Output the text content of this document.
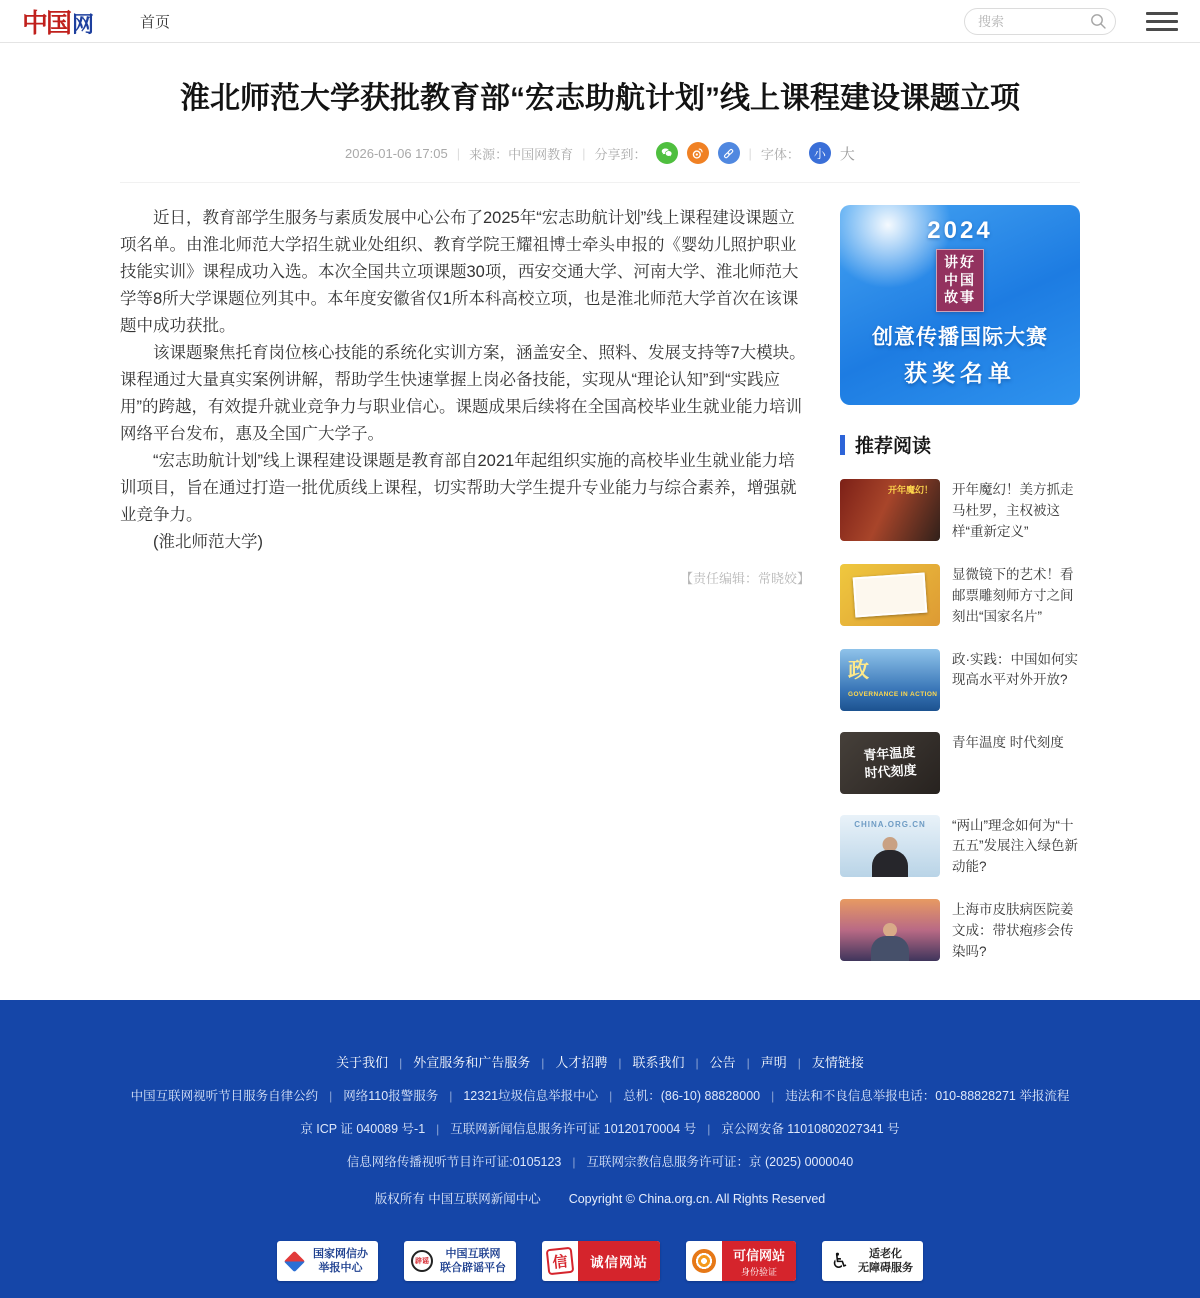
中国 网	首页
搜索
淮北师范大学获批教育部“宏志助航计划”线上课程建设课题立项
2026-01-06 17:05 | 来源：中国网教育 | 分享到：	| 字体：	小 大

近日，教育部学生服务与素质发展中心公布了2025年“宏志助航计划”线上课程建设课题立项名单。由淮北师范大学招生就业处组织、教育学院王耀祖博士牵头申报的《婴幼儿照护职业技能实训》课程成功入选。本次全国共立项课题30项，西安交通大学、河南大学、淮北师范大学等8所大学课题位列其中。本年度安徽省仅1所本科高校立项，也是淮北师范大学首次在该课题中成功获批。

该课题聚焦托育岗位核心技能的系统化实训方案，涵盖安全、照料、发展支持等7大模块。课程通过大量真实案例讲解，帮助学生快速掌握上岗必备技能，实现从“理论认知”到“实践应用”的跨越，有效提升就业竞争力与职业信心。课题成果后续将在全国高校毕业生就业能力培训网络平台发布，惠及全国广大学子。

“宏志助航计划”线上课程建设课题是教育部自2021年起组织实施的高校毕业生就业能力培训项目，旨在通过打造一批优质线上课程，切实帮助大学生提升专业能力与综合素养，增强就业竞争力。

(淮北师范大学)

【责任编辑：常晓姣】
2024
讲好
中国
故事
创意传播国际大赛
获奖名单
推荐阅读
开年魔幻！ 开年魔幻！美方抓走马杜罗，主权被这样“重新定义”
显微镜下的艺术！看邮票雕刻师方寸之间刻出“国家名片”
政
GOVERNANCE IN ACTION
政·实践：中国如何实现高水平对外开放?
青年温度
时代刻度
青年温度 时代刻度
CHINA.ORG.CN	“两山”理念如何为“十五五”发展注入绿色新动能?
上海市皮肤病医院姜文成：带状疱疹会传染吗?
关于我们 | 外宣服务和广告服务 | 人才招聘 | 联系我们 | 公告 | 声明 | 友情链接
中国互联网视听节目服务自律公约 | 网络110报警服务 | 12321垃圾信息举报中心 | 总机：(86-10) 88828000 | 违法和不良信息举报电话：010-88828271 举报流程
京 ICP 证 040089 号-1 | 互联网新闻信息服务许可证 10120170004 号 | 京公网安备 11010802027341 号
信息网络传播视听节目许可证:0105123 | 互联网宗教信息服务许可证：京 (2025) 0000040
版权所有 中国互联网新闻中心 Copyright © China.org.cn. All Rights Reserved
国家网信办
举报中心
辟谣
中国互联网
联合辟谣平台	信	诚信网站	可信网站
身份验证	♿	适老化
无障碍服务
